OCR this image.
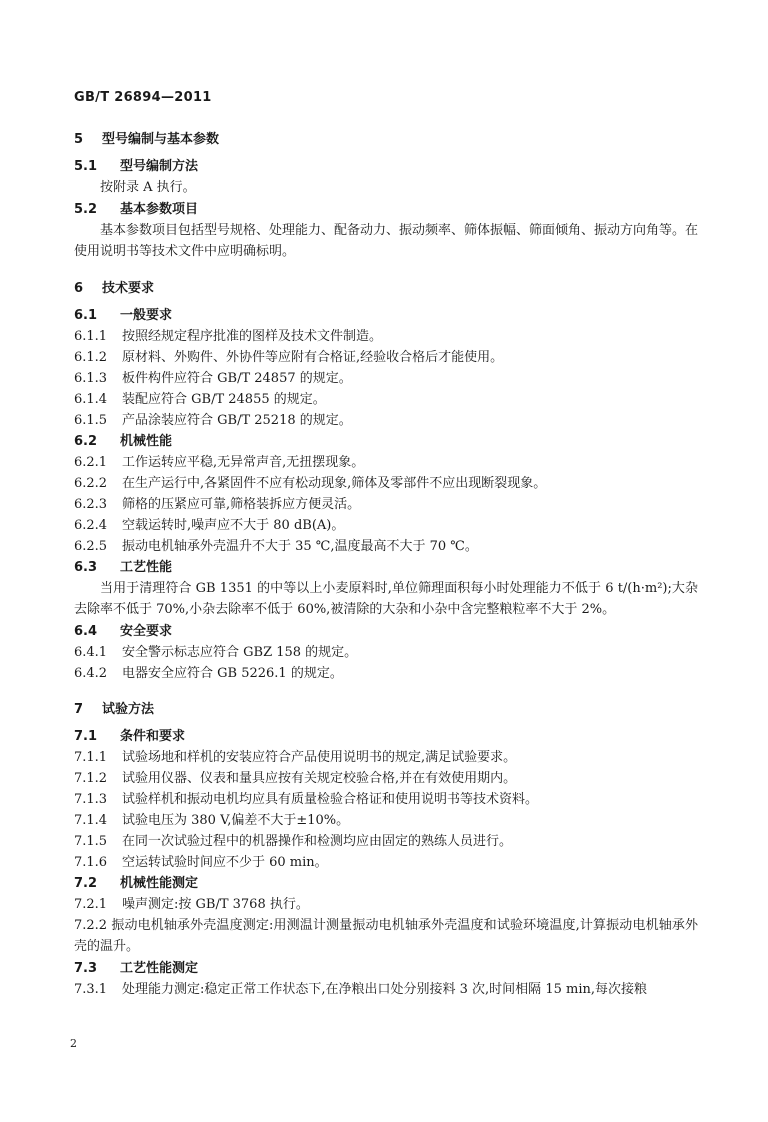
GB/T 26894—2011
5 型号编制与基本参数
5.1 型号编制方法
按附录 A 执行。
5.2 基本参数项目
基本参数项目包括型号规格、处理能力、配备动力、振动频率、筛体振幅、筛面倾角、振动方向角等。在使用说明书等技术文件中应明确标明。
6 技术要求
6.1 一般要求
6.1.1 按照经规定程序批准的图样及技术文件制造。
6.1.2 原材料、外购件、外协件等应附有合格证,经验收合格后才能使用。
6.1.3 板件构件应符合 GB/T 24857 的规定。
6.1.4 装配应符合 GB/T 24855 的规定。
6.1.5 产品涂装应符合 GB/T 25218 的规定。
6.2 机械性能
6.2.1 工作运转应平稳,无异常声音,无扭摆现象。
6.2.2 在生产运行中,各紧固件不应有松动现象,筛体及零部件不应出现断裂现象。
6.2.3 筛格的压紧应可靠,筛格装拆应方便灵活。
6.2.4 空载运转时,噪声应不大于 80 dB(A)。
6.2.5 振动电机轴承外壳温升不大于 35 ℃,温度最高不大于 70 ℃。
6.3 工艺性能
当用于清理符合 GB 1351 的中等以上小麦原料时,单位筛理面积每小时处理能力不低于 6 t/(h·m²);大杂去除率不低于 70%,小杂去除率不低于 60%,被清除的大杂和小杂中含完整粮粒率不大于 2%。
6.4 安全要求
6.4.1 安全警示标志应符合 GBZ 158 的规定。
6.4.2 电器安全应符合 GB 5226.1 的规定。
7 试验方法
7.1 条件和要求
7.1.1 试验场地和样机的安装应符合产品使用说明书的规定,满足试验要求。
7.1.2 试验用仪器、仪表和量具应按有关规定校验合格,并在有效使用期内。
7.1.3 试验样机和振动电机均应具有质量检验合格证和使用说明书等技术资料。
7.1.4 试验电压为 380 V,偏差不大于±10%。
7.1.5 在同一次试验过程中的机器操作和检测均应由固定的熟练人员进行。
7.1.6 空运转试验时间应不少于 60 min。
7.2 机械性能测定
7.2.1 噪声测定:按 GB/T 3768 执行。
7.2.2 振动电机轴承外壳温度测定:用测温计测量振动电机轴承外壳温度和试验环境温度,计算振动电机轴承外壳的温升。
7.3 工艺性能测定
7.3.1 处理能力测定:稳定正常工作状态下,在净粮出口处分别接料 3 次,时间相隔 15 min,每次接粮
2
